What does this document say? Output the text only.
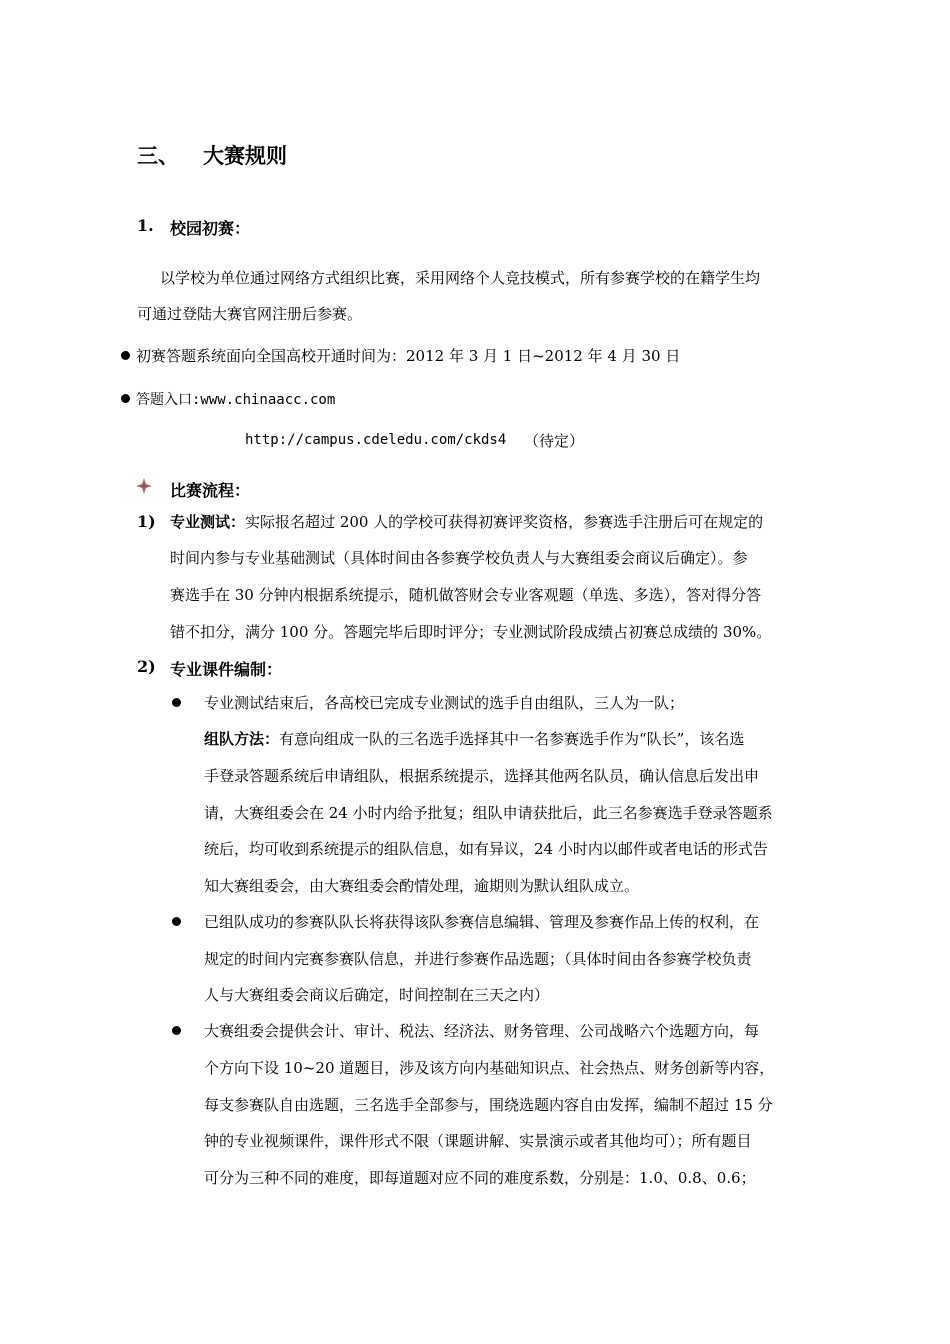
三、 大赛规则
1. 校园初赛：
以学校为单位通过网络方式组织比赛，采用网络个人竞技模式，所有参赛学校的在籍学生均
可通过登陆大赛官网注册后参赛。
初赛答题系统面向全国高校开通时间为：2012 年 3 月 1 日~2012 年 4 月 30 日
答题入口:www.chinaacc.com
http://campus.cdeledu.com/ckds4 （待定）
比赛流程：
1) 专业测试：实际报名超过 200 人的学校可获得初赛评奖资格，参赛选手注册后可在规定的
时间内参与专业基础测试（具体时间由各参赛学校负责人与大赛组委会商议后确定）。参
赛选手在 30 分钟内根据系统提示，随机做答财会专业客观题（单选、多选），答对得分答
错不扣分，满分 100 分。答题完毕后即时评分；专业测试阶段成绩占初赛总成绩的 30%。
2) 专业课件编制：
专业测试结束后，各高校已完成专业测试的选手自由组队，三人为一队；
组队方法：有意向组成一队的三名选手选择其中一名参赛选手作为“队长”，该名选
手登录答题系统后申请组队，根据系统提示，选择其他两名队员，确认信息后发出申
请，大赛组委会在 24 小时内给予批复；组队申请获批后，此三名参赛选手登录答题系
统后，均可收到系统提示的组队信息，如有异议，24 小时内以邮件或者电话的形式告
知大赛组委会，由大赛组委会酌情处理，逾期则为默认组队成立。
已组队成功的参赛队队长将获得该队参赛信息编辑、管理及参赛作品上传的权利，在
规定的时间内完赛参赛队信息，并进行参赛作品选题；（具体时间由各参赛学校负责
人与大赛组委会商议后确定，时间控制在三天之内）
大赛组委会提供会计、审计、税法、经济法、财务管理、公司战略六个选题方向，每
个方向下设 10~20 道题目，涉及该方向内基础知识点、社会热点、财务创新等内容，
每支参赛队自由选题，三名选手全部参与，围绕选题内容自由发挥，编制不超过 15 分
钟的专业视频课件，课件形式不限（课题讲解、实景演示或者其他均可）；所有题目
可分为三种不同的难度，即每道题对应不同的难度系数，分别是：1.0、0.8、0.6；
